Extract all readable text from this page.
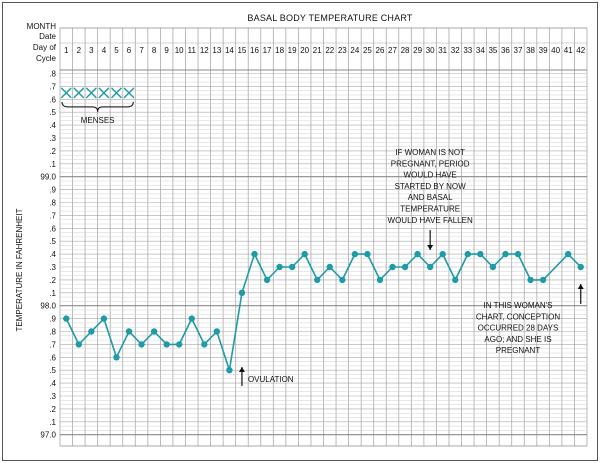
BASAL BODY TEMPERATURE CHART
MONTH
Date
Day of
Cycle
1 2 3 4 5 6 7 8 9 10 11 12 13 14 15 16 17 18 19 20 21 22 23 24 25 26 27 28 29 30 31 32 33 34 35 36 37 38 39 40 41 42
.8
.7
.6
.5
.4
.3
.2
.1
99.0
.9
.8
.7
.6
.5
.4
.3
.2
.1
98.0
.9
.8
.7
.6
.5
.4
.3
.2
.1
97.0
MENSES
OVULATION
IF WOMAN IS NOT
PREGNANT, PERIOD
WOULD HAVE
STARTED BY NOW
AND BASAL
TEMPERATURE
WOULD HAVE FALLEN
IN THIS WOMAN'S
CHART, CONCEPTION
OCCURRED 28 DAYS
AGO; AND SHE IS
PREGNANT
TEMPERATURE IN FAHRENHEIT
